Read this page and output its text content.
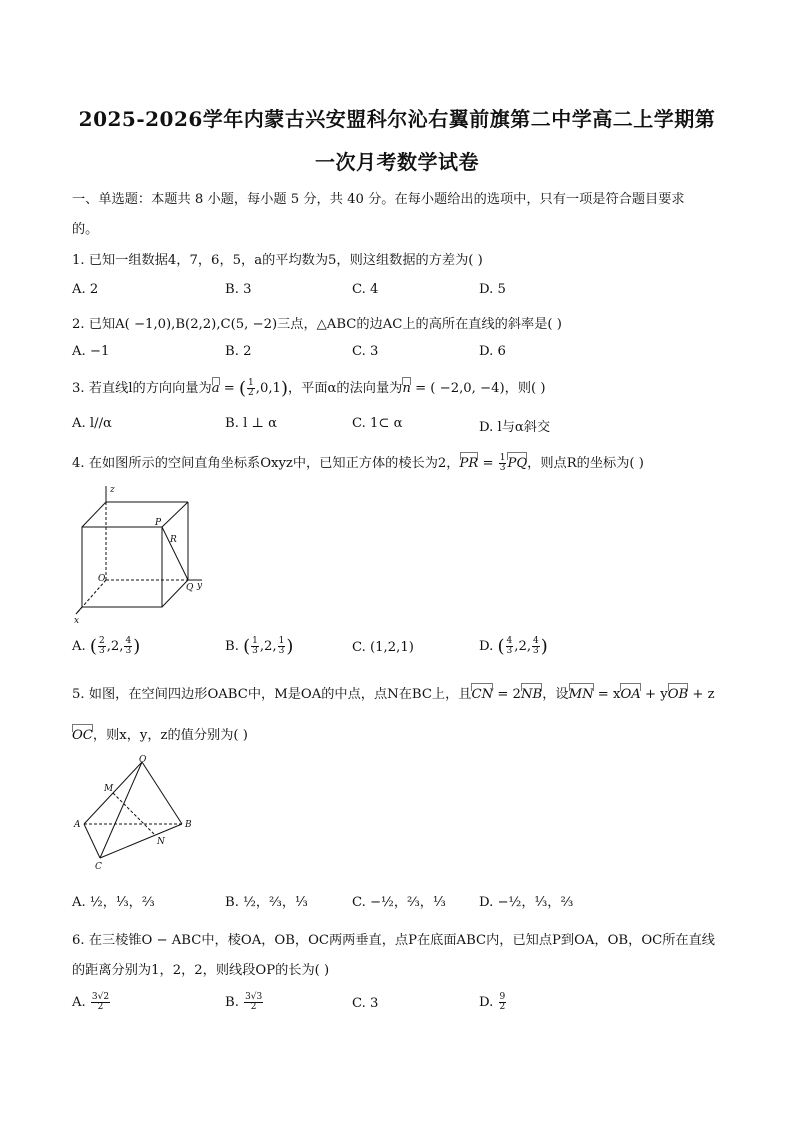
2025-2026学年内蒙古兴安盟科尔沁右翼前旗第二中学高二上学期第
一次月考数学试卷
一、单选题：本题共 8 小题，每小题 5 分，共 40 分。在每小题给出的选项中，只有一项是符合题目要求
的。
1. 已知一组数据4，7，6，5，a的平均数为5，则这组数据的方差为( )
A. 2	B. 3	C. 4	D. 5
2. 已知A( −1,0),B(2,2),C(5, −2)三点，△ABC的边AC上的高所在直线的斜率是( )
A. −1	B. 2	C. 3	D. 6
3. 若直线l的方向向量为a = ( $\frac{1}{2} ,0,1$)，平面α的法向量为n = ( −2,0, −4)，则( )
A. l//α	B. l ⊥ α	C. 1⊂ α	D. l与α斜交
4. 在如图所示的空间直角坐标系Oxyz中，已知正方体的棱长为2，PR = $\frac{1}{3}$ PQ，则点R的坐标为( )
z
P
R
O
Q y
x
A. ( $\frac{2}{3} ,2$, $\frac{4}{3}$ )	B. ( $\frac{1}{3} ,2$, $\frac{1}{3}$ )	C. (1,2,1)	D. ( $\frac{4}{3} ,2$, $\frac{4}{3}$ )
5. 如图，在空间四边形OABC中，M是OA的中点，点N在BC上，且CN = 2NB，设MN = xOA + yOB + z
OC，则x，y，z的值分别为( )
O
M
A	B
N
C
A. ½，⅓，⅔	B. ½，⅔，⅓	C. −½，⅔，⅓	D. −½，⅓，⅔
6. 在三棱锥O − ABC中，棱OA，OB，OC两两垂直，点P在底面ABC内，已知点P到OA，OB，OC所在直线
的距离分别为1，2，2，则线段OP的长为( )
A. $\frac{3√2}{2}$	B. $\frac{3√3}{2}$	C. 3	D. $\frac{9}{2}$
